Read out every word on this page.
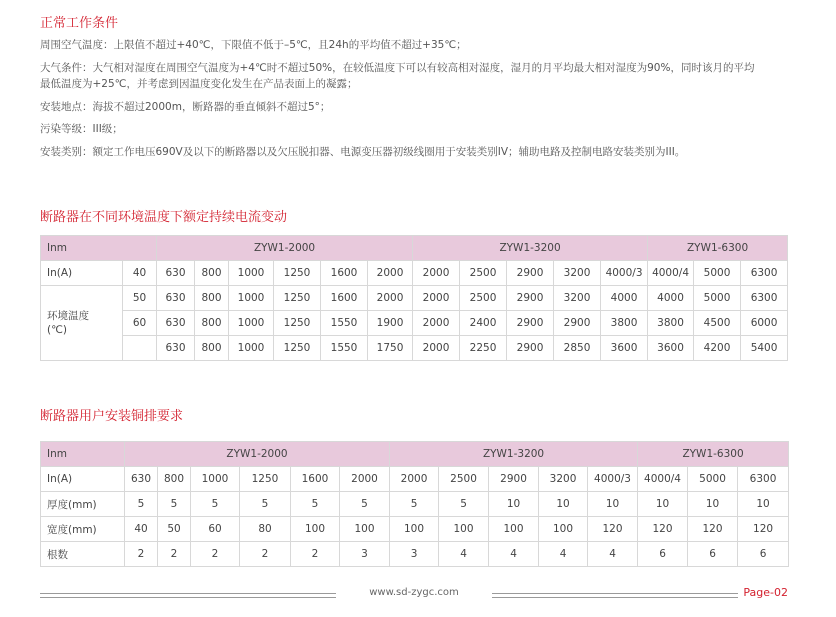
正常工作条件
周围空气温度：上限值不超过+40℃，下限值不低于–5℃，且24h的平均值不超过+35℃；
大气条件：大气相对湿度在周围空气温度为+4℃时不超过50%，在较低温度下可以有较高相对湿度，湿月的月平均最大相对湿度为90%，同时该月的平均
最低温度为+25℃，并考虑到因温度变化发生在产品表面上的凝露；
安装地点：海拔不超过2000m，断路器的垂直倾斜不超过5°；
污染等级：III级；
安装类别：额定工作电压690V及以下的断路器以及欠压脱扣器、电源变压器初级线圈用于安装类别IV；辅助电路及控制电路安装类别为III。
断路器在不同环境温度下额定持续电流变动
Inm		ZYW1-2000						ZYW1-3200					ZYW1-6300		
In(A)	40	630	800	1000	1250	1600	2000	2000	2500	2900	3200	4000/3	4000/4	5000	6300

环境温度
(℃)	50	630	800	1000	1250	1600	2000	2000	2500	2900	3200	4000	4000	5000	6300
	60	630	800	1000	1250	1550	1900	2000	2400	2900	2900	3800	3800	4500	6000
		630	800	1000	1250	1550	1750	2000	2250	2900	2850	3600	3600	4200	5400
断路器用户安装铜排要求
Inm	ZYW1-2000						ZYW1-3200					ZYW1-6300		
In(A)	630	800	1000	1250	1600	2000	2000	2500	2900	3200	4000/3	4000/4	5000	6300
厚度(mm)	5	5	5	5	5	5	5	5	10	10	10	10	10	10
宽度(mm)	40	50	60	80	100	100	100	100	100	100	120	120	120	120
根数	2	2	2	2	2	3	3	4	4	4	4	6	6	6
www.sd-zygc.com	Page-02
